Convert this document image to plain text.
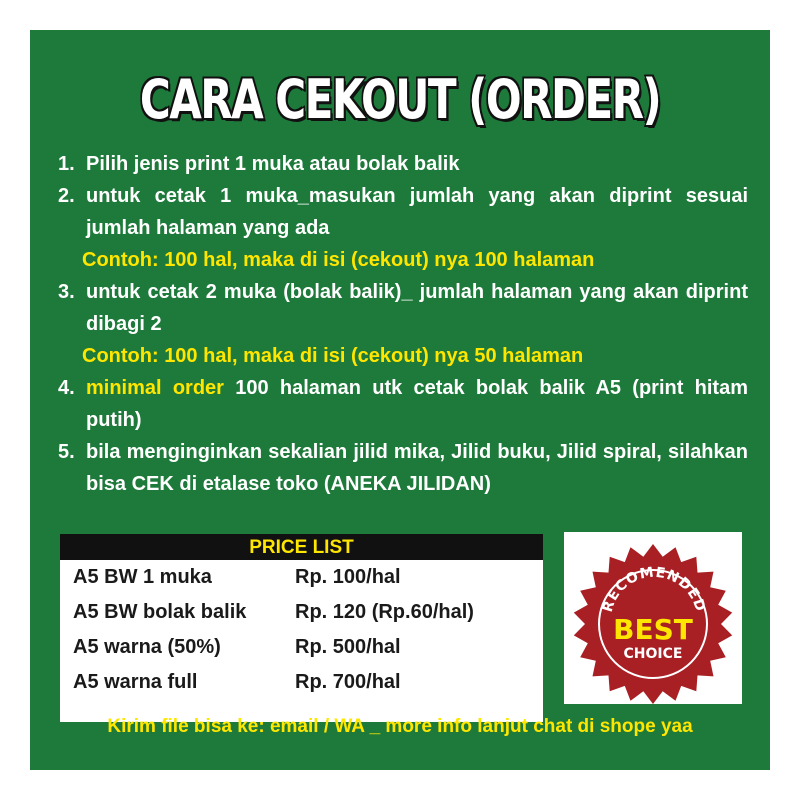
CARA CEKOUT (ORDER)
1. Pilih jenis print 1 muka atau bolak balik
2. untuk cetak 1 muka_masukan jumlah yang akan diprint sesuai jumlah halaman yang ada
Contoh: 100 hal, maka di isi (cekout) nya 100 halaman
3. untuk cetak 2 muka (bolak balik)_ jumlah halaman yang akan diprint dibagi 2
Contoh: 100 hal, maka di isi (cekout) nya 50 halaman
4. minimal order 100 halaman utk cetak bolak balik A5 (print hitam putih)
5. bila menginginkan sekalian jilid mika, Jilid buku, Jilid spiral, silahkan bisa CEK di etalase toko (ANEKA JILIDAN)
PRICE LIST
A5 BW 1 muka	Rp. 100/hal
A5 BW bolak balik Rp. 120 (Rp.60/hal)
A5 warna (50%)	Rp. 500/hal
A5 warna full	Rp. 700/hal
RECOMENDED
BEST
CHOICE
Kirim file bisa ke: email / WA _ more info lanjut chat di shope yaa
